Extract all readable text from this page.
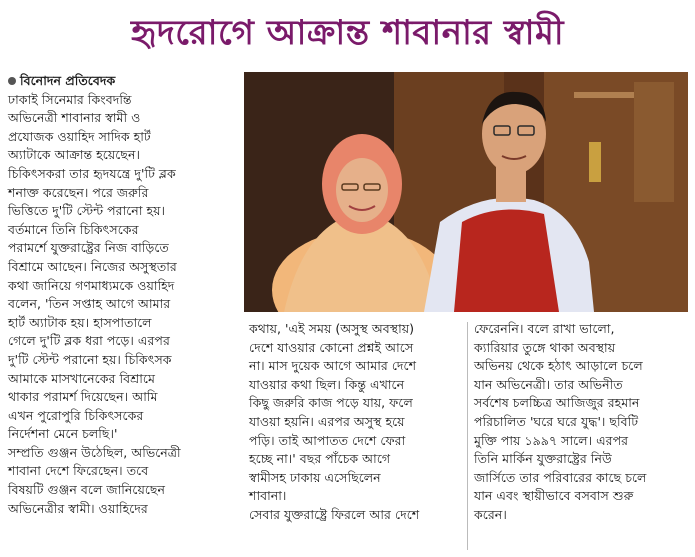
হৃদরোগে আক্রান্ত শাবানার স্বামী
বিনোদন প্রতিবেদক

ঢাকাই সিনেমার কিংবদন্তি

অভিনেত্রী শাবানার স্বামী ও

প্রযোজক ওয়াহিদ সাদিক হার্ট

অ্যাটাকে আক্রান্ত হয়েছেন।

চিকিৎসকরা তার হৃদযন্ত্রে দু'টি ব্লক

শনাক্ত করেছেন। পরে জরুরি

ভিত্তিতে দু'টি স্টেন্ট পরানো হয়।

বর্তমানে তিনি চিকিৎসকের

পরামর্শে যুক্তরাষ্ট্রের নিজ বাড়িতে

বিশ্রামে আছেন। নিজের অসুস্থতার

কথা জানিয়ে গণমাধ্যমকে ওয়াহিদ

বলেন, 'তিন সপ্তাহ আগে আমার

হার্ট অ্যাটাক হয়। হাসপাতালে

গেলে দু'টি ব্লক ধরা পড়ে। এরপর

দু'টি স্টেন্ট পরানো হয়। চিকিৎসক

আমাকে মাসখানেকের বিশ্রামে

থাকার পরামর্শ দিয়েছেন। আমি

এখন পুরোপুরি চিকিৎসকের

নির্দেশনা মেনে চলছি।'

সম্প্রতি গুঞ্জন উঠেছিল, অভিনেত্রী

শাবানা দেশে ফিরেছেন। তবে

বিষয়টি গুঞ্জন বলে জানিয়েছেন

অভিনেত্রীর স্বামী। ওয়াহিদের

কথায়, 'এই সময় (অসুস্থ অবস্থায়)

দেশে যাওয়ার কোনো প্রশ্নই আসে

না। মাস দুয়েক আগে আমার দেশে

যাওয়ার কথা ছিল। কিন্তু এখানে

কিছু জরুরি কাজ পড়ে যায়, ফলে

যাওয়া হয়নি। এরপর অসুস্থ হয়ে

পড়ি। তাই আপাতত দেশে ফেরা

হচ্ছে না।' বছর পাঁচেক আগে

স্বামীসহ ঢাকায় এসেছিলেন

শাবানা।

সেবার যুক্তরাষ্ট্রে ফিরলে আর দেশে

ফেরেননি। বলে রাখা ভালো,

ক্যারিয়ার তুঙ্গে থাকা অবস্থায়

অভিনয় থেকে হঠাৎ আড়ালে চলে

যান অভিনেত্রী। তার অভিনীত

সর্বশেষ চলচ্চিত্র আজিজুর রহমান

পরিচালিত 'ঘরে ঘরে যুদ্ধ'। ছবিটি

মুক্তি পায় ১৯৯৭ সালে। এরপর

তিনি মার্কিন যুক্তরাষ্ট্রের নিউ

জার্সিতে তার পরিবারের কাছে চলে

যান এবং স্থায়ীভাবে বসবাস শুরু

করেন।
